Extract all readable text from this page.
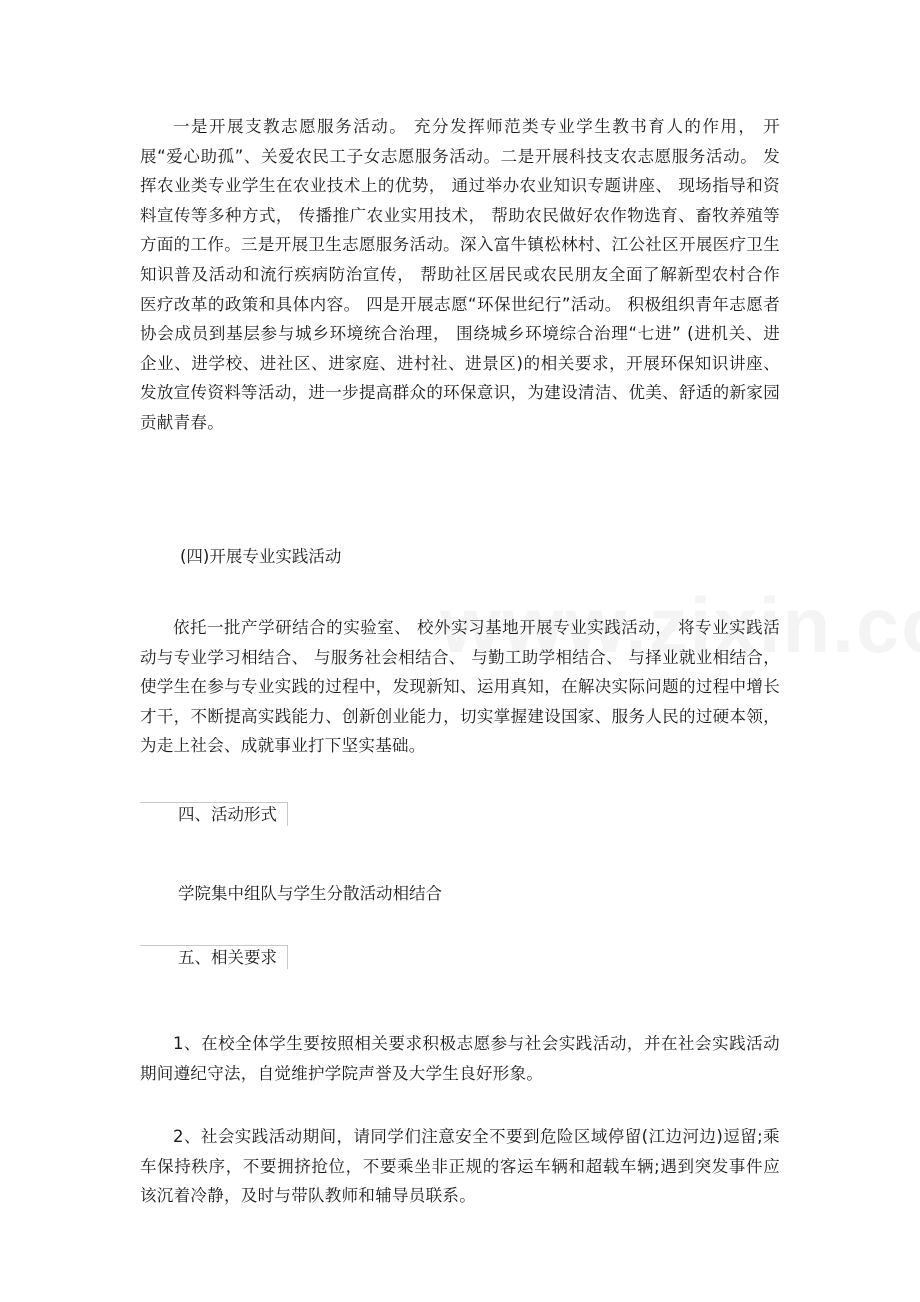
一是开展支教志愿服务活动。 充分发挥师范类专业学生教书育人的作用， 开展“爱心助孤”、关爱农民工子女志愿服务活动。二是开展科技支农志愿服务活动。 发挥农业类专业学生在农业技术上的优势， 通过举办农业知识专题讲座、 现场指导和资料宣传等多种方式， 传播推广农业实用技术， 帮助农民做好农作物选育、畜牧养殖等方面的工作。三是开展卫生志愿服务活动。深入富牛镇松林村、江公社区开展医疗卫生知识普及活动和流行疾病防治宣传， 帮助社区居民或农民朋友全面了解新型农村合作医疗改革的政策和具体内容。 四是开展志愿“环保世纪行”活动。 积极组织青年志愿者协会成员到基层参与城乡环境统合治理， 围绕城乡环境综合治理“七进” (进机关、进企业、进学校、进社区、进家庭、进村社、进景区)的相关要求，开展环保知识讲座、发放宣传资料等活动，进一步提高群众的环保意识，为建设清洁、优美、舒适的新家园贡献青春。

(四)开展专业实践活动

依托一批产学研结合的实验室、 校外实习基地开展专业实践活动， 将专业实践活动与专业学习相结合、 与服务社会相结合、 与勤工助学相结合、 与择业就业相结合，使学生在参与专业实践的过程中，发现新知、运用真知，在解决实际问题的过程中增长才干，不断提高实践能力、创新创业能力，切实掌握建设国家、服务人民的过硬本领，为走上社会、成就事业打下坚实基础。

四、活动形式

学院集中组队与学生分散活动相结合

五、相关要求

1、在校全体学生要按照相关要求积极志愿参与社会实践活动，并在社会实践活动期间遵纪守法，自觉维护学院声誉及大学生良好形象。

2、社会实践活动期间，请同学们注意安全不要到危险区域停留(江边河边)逗留;乘车保持秩序，不要拥挤抢位，不要乘坐非正规的客运车辆和超载车辆;遇到突发事件应该沉着冷静，及时与带队教师和辅导员联系。
